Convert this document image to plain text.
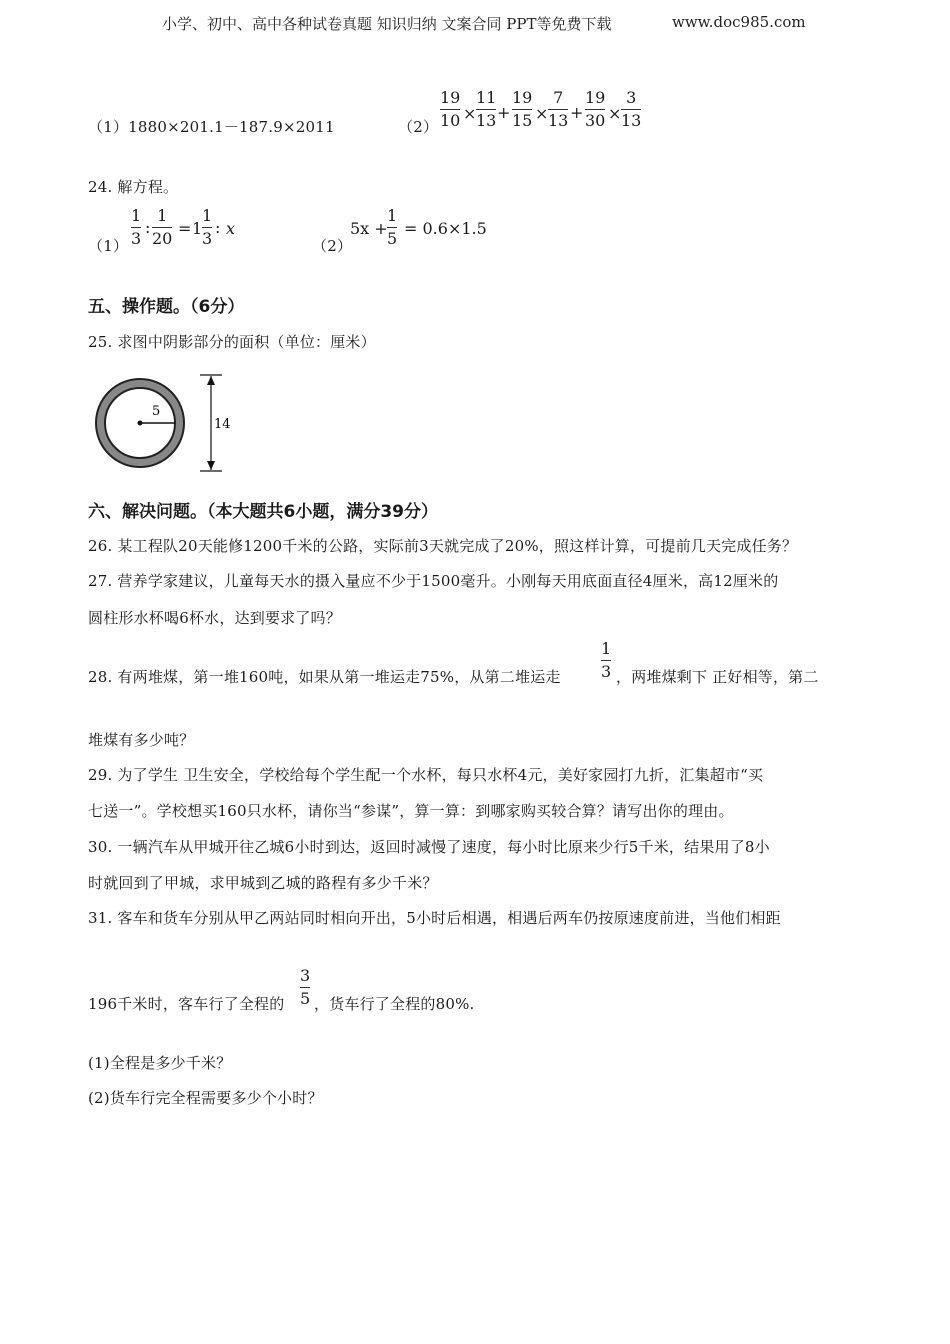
小学、初中、高中各种试卷真题 知识归纳 文案合同 PPT等免费下载	www.doc985.com
（1）1880×201.1－187.9×2011	$(2) \frac{19}{10} \times \frac{11}{13} + \frac{19}{15} \times \frac{7}{13} + \frac{19}{30} \times \frac{3}{13}$
24. 解方程。
$(1) \frac{1}{3}$ : $\frac{1}{20} = 1 \frac{1}{3}$ : x
（2）
$5x + \frac{1}{5} = 0.6\times 1.5$
五、操作题。（6分）
25. 求图中阴影部分的面积（单位：厘米）
5
14
六、解决问题。（本大题共6小题，满分39分）
26. 某工程队20天能修1200千米的公路，实际前3天就完成了20%，照这样计算，可提前几天完成任务？
27. 营养学家建议，儿童每天水的摄入量应不少于1500毫升。小刚每天用底面直径4厘米，高12厘米的
圆柱形水杯喝6杯水，达到要求了吗？
28. 有两堆煤，第一堆160吨，如果从第一堆运走75%，从第二堆运走	$\frac{1}{3}$ ，两堆煤剩下 正好相等，第二
堆煤有多少吨？
29. 为了学生 卫生安全，学校给每个学生配一个水杯，每只水杯4元，美好家园打九折，汇集超市“买
七送一”。学校想买160只水杯，请你当“参谋”，算一算：到哪家购买较合算？请写出你的理由。
30. 一辆汽车从甲城开往乙城6小时到达，返回时减慢了速度，每小时比原来少行5千米，结果用了8小
时就回到了甲城，求甲城到乙城的路程有多少千米？
31. 客车和货车分别从甲乙两站同时相向开出，5小时后相遇，相遇后两车仍按原速度前进，当他们相距
196千米时，客车行了全程的 $\frac{3}{5}$ ，货车行了全程的80%.
(1)全程是多少千米？
(2)货车行完全程需要多少个小时？
